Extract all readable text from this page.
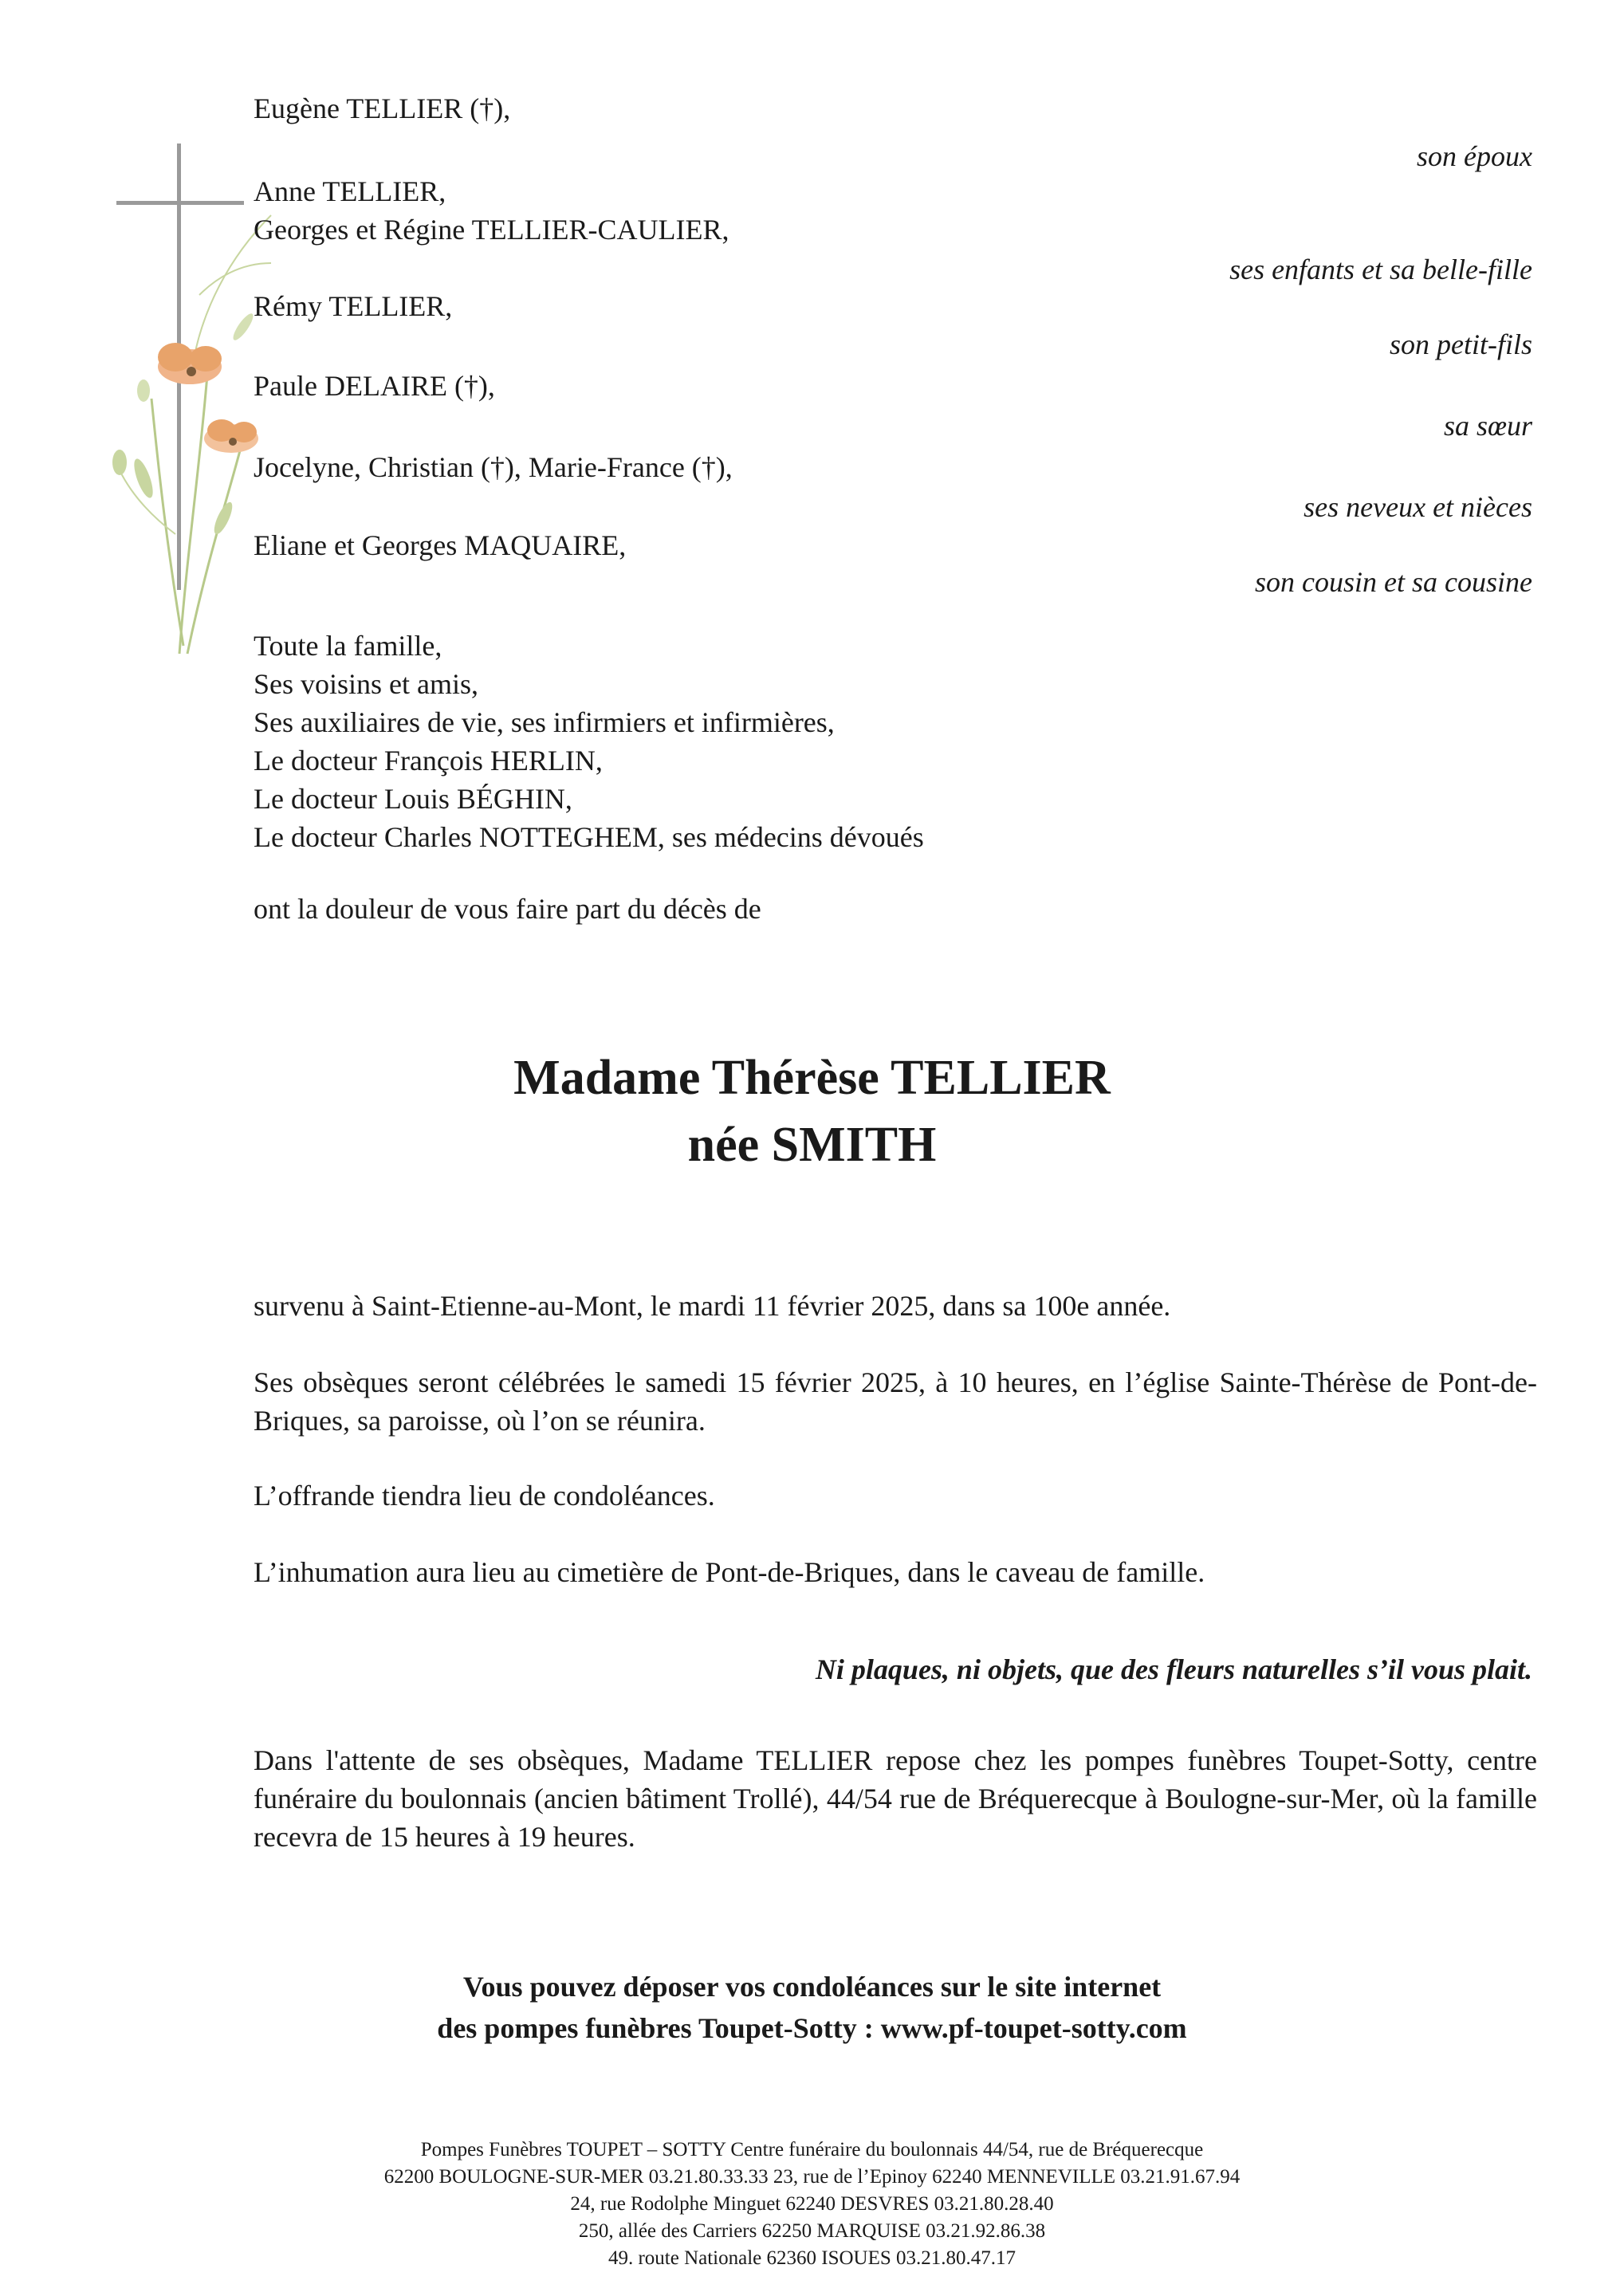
Eugène TELLIER (†),
Anne TELLIER,
Georges et Régine TELLIER-CAULIER,
Rémy TELLIER,
Paule DELAIRE (†),
Jocelyne, Christian (†), Marie-France (†),
Eliane et Georges MAQUAIRE,
son époux
ses enfants et sa belle-fille
son petit-fils
sa sœur
ses neveux et nièces
son cousin et sa cousine
Toute la famille,
Ses voisins et amis,
Ses auxiliaires de vie, ses infirmiers et infirmières,
Le docteur François HERLIN,
Le docteur Louis BÉGHIN,
Le docteur Charles NOTTEGHEM, ses médecins dévoués
ont la douleur de vous faire part du décès de
Madame Thérèse TELLIER
née SMITH
survenu à Saint-Etienne-au-Mont, le mardi 11 février 2025, dans sa 100e année.
Ses obsèques seront célébrées le samedi 15 février 2025, à 10 heures, en l’église Sainte-Thérèse de Pont-de-Briques, sa paroisse, où l’on se réunira.
L’offrande tiendra lieu de condoléances.
L’inhumation aura lieu au cimetière de Pont-de-Briques, dans le caveau de famille.
Ni plaques, ni objets, que des fleurs naturelles s’il vous plait.
Dans l'attente de ses obsèques, Madame TELLIER repose chez les pompes funèbres Toupet-Sotty, centre funéraire du boulonnais (ancien bâtiment Trollé), 44/54 rue de Bréquerecque à Boulogne-sur-Mer, où la famille recevra de 15 heures à 19 heures.
Vous pouvez déposer vos condoléances sur le site internet
des pompes funèbres Toupet-Sotty : www.pf-toupet-sotty.com
Pompes Funèbres TOUPET – SOTTY Centre funéraire du boulonnais 44/54, rue de Bréquerecque
62200 BOULOGNE-SUR-MER 03.21.80.33.33 23, rue de l’Epinoy 62240 MENNEVILLE 03.21.91.67.94
24, rue Rodolphe Minguet 62240 DESVRES 03.21.80.28.40
250, allée des Carriers 62250 MARQUISE 03.21.92.86.38
49. route Nationale 62360 ISOUES 03.21.80.47.17
